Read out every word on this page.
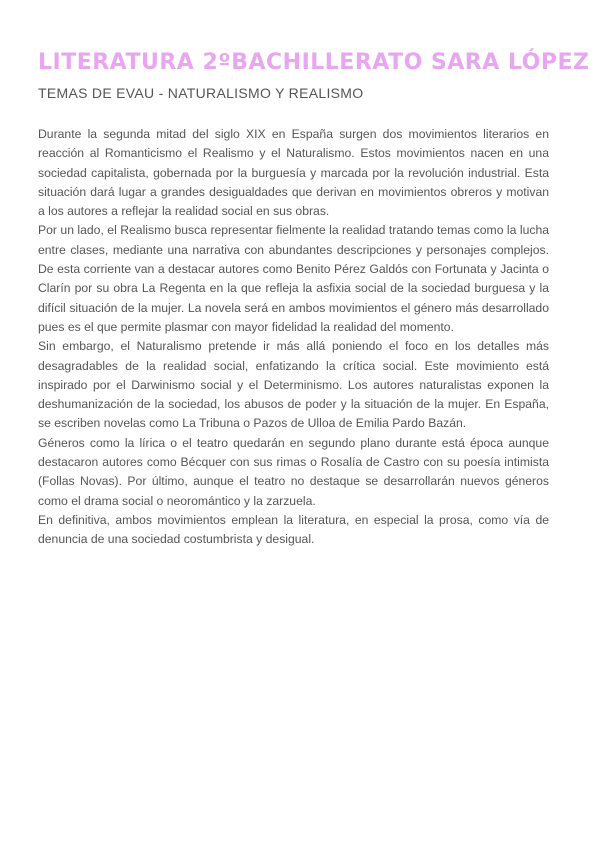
LITERATURA 2ºBACHILLERATO SARA LÓPEZ
TEMAS DE EVAU - NATURALISMO Y REALISMO

Durante la segunda mitad del siglo XIX en España surgen dos movimientos literarios en reacción al Romanticismo el Realismo y el Naturalismo. Estos movimientos nacen en una sociedad capitalista, gobernada por la burguesía y marcada por la revolución industrial. Esta situación dará lugar a grandes desigualdades que derivan en movimientos obreros y motivan a los autores a reflejar la realidad social en sus obras.

Por un lado, el Realismo busca representar fielmente la realidad tratando temas como la lucha entre clases, mediante una narrativa con abundantes descripciones y personajes complejos. De esta corriente van a destacar autores como Benito Pérez Galdós con Fortunata y Jacinta o Clarín por su obra La Regenta en la que refleja la asfixia social de la sociedad burguesa y la difícil situación de la mujer. La novela será en ambos movimientos el género más desarrollado pues es el que permite plasmar con mayor fidelidad la realidad del momento.

Sin embargo, el Naturalismo pretende ir más allá poniendo el foco en los detalles más desagradables de la realidad social, enfatizando la crítica social. Este movimiento está inspirado por el Darwinismo social y el Determinismo. Los autores naturalistas exponen la deshumanización de la sociedad, los abusos de poder y la situación de la mujer. En España, se escriben novelas como La Tribuna o Pazos de Ulloa de Emilia Pardo Bazán.

Géneros como la lírica o el teatro quedarán en segundo plano durante está época aunque destacaron autores como Bécquer con sus rimas o Rosalía de Castro con su poesía intimista (Follas Novas). Por último, aunque el teatro no destaque se desarrollarán nuevos géneros como el drama social o neoromántico y la zarzuela.

En definitiva, ambos movimientos emplean la literatura, en especial la prosa, como vía de denuncia de una sociedad costumbrista y desigual.
